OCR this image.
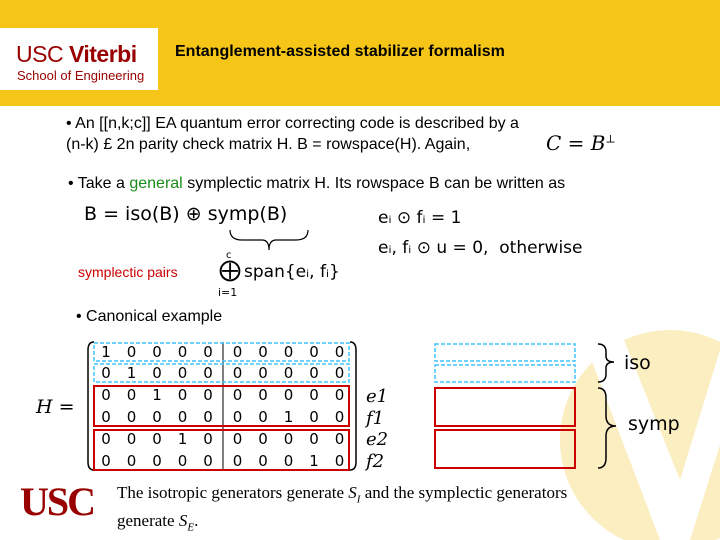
USC Viterbi
School of Engineering
Entanglement-assisted stabilizer formalism
• An [[n,k;c]] EA quantum error correcting code is described by a
(n-k) £ 2n parity check matrix H. B = rowspace(H). Again,	C = B⊥
• Take a general symplectic matrix H. Its rowspace B can be written as
B = iso(B) ⊕ symp(B)
symplectic pairs
c
⨁
i=1
span{eᵢ, fᵢ}
eᵢ ⊙ fᵢ = 1
eᵢ, fᵢ ⊙ u = 0, otherwise
• Canonical example
H =
1 0 0 0 0 0 0 0 0 0
0 1 0 0 0 0 0 0 0 0
0 0 1 0 0 0 0 0 0 0
0 0 0 0 0 0 0 1 0 0
0 0 0 1 0 0 0 0 0 0
0 0 0 0 0 0 0 0 1 0
e1
f1
e2
f2
iso
symp
USC The isotropic generators generate $S_I$ and the symplectic generators generate $S_E$.
